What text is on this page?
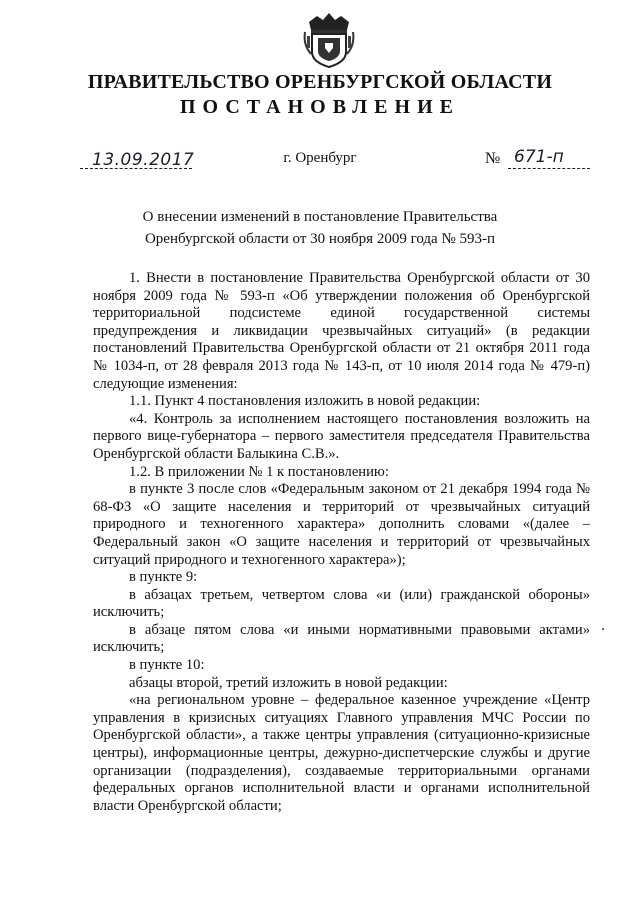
ПРАВИТЕЛЬСТВО ОРЕНБУРГСКОЙ ОБЛАСТИ
ПОСТАНОВЛЕНИЕ
13.09.2017	г. Оренбург	№ 671-п
О внесении изменений в постановление Правительства
Оренбургской области от 30 ноября 2009 года № 593-п

1. Внести в постановление Правительства Оренбургской области от 30 ноября 2009 года № 593-п «Об утверждении положения об Оренбургской территориальной подсистеме единой государственной системы предупреждения и ликвидации чрезвычайных ситуаций» (в редакции постановлений Правительства Оренбургской области от 21 октября 2011 года № 1034-п, от 28 февраля 2013 года № 143-п, от 10 июля 2014 года № 479-п) следующие изменения:

1.1. Пункт 4 постановления изложить в новой редакции:

«4. Контроль за исполнением настоящего постановления возложить на первого вице-губернатора – первого заместителя председателя Правительства Оренбургской области Балыкина С.В.».

1.2. В приложении № 1 к постановлению:

в пункте 3 после слов «Федеральным законом от 21 декабря 1994 года № 68-ФЗ «О защите населения и территорий от чрезвычайных ситуаций природного и техногенного характера» дополнить словами «(далее – Федеральный закон «О защите населения и территорий от чрезвычайных ситуаций природного и техногенного характера»);

в пункте 9:

в абзацах третьем, четвертом слова «и (или) гражданской обороны» исключить;

в абзаце пятом слова «и иными нормативными правовыми актами» исключить;

в пункте 10:

абзацы второй, третий изложить в новой редакции:

«на региональном уровне – федеральное казенное учреждение «Центр управления в кризисных ситуациях Главного управления МЧС России по Оренбургской области», а также центры управления (ситуационно-кризисные центры), информационные центры, дежурно-диспетчерские службы и другие организации (подразделения), создаваемые территориальными органами федеральных органов исполнительной власти и органами исполнительной власти Оренбургской области;
